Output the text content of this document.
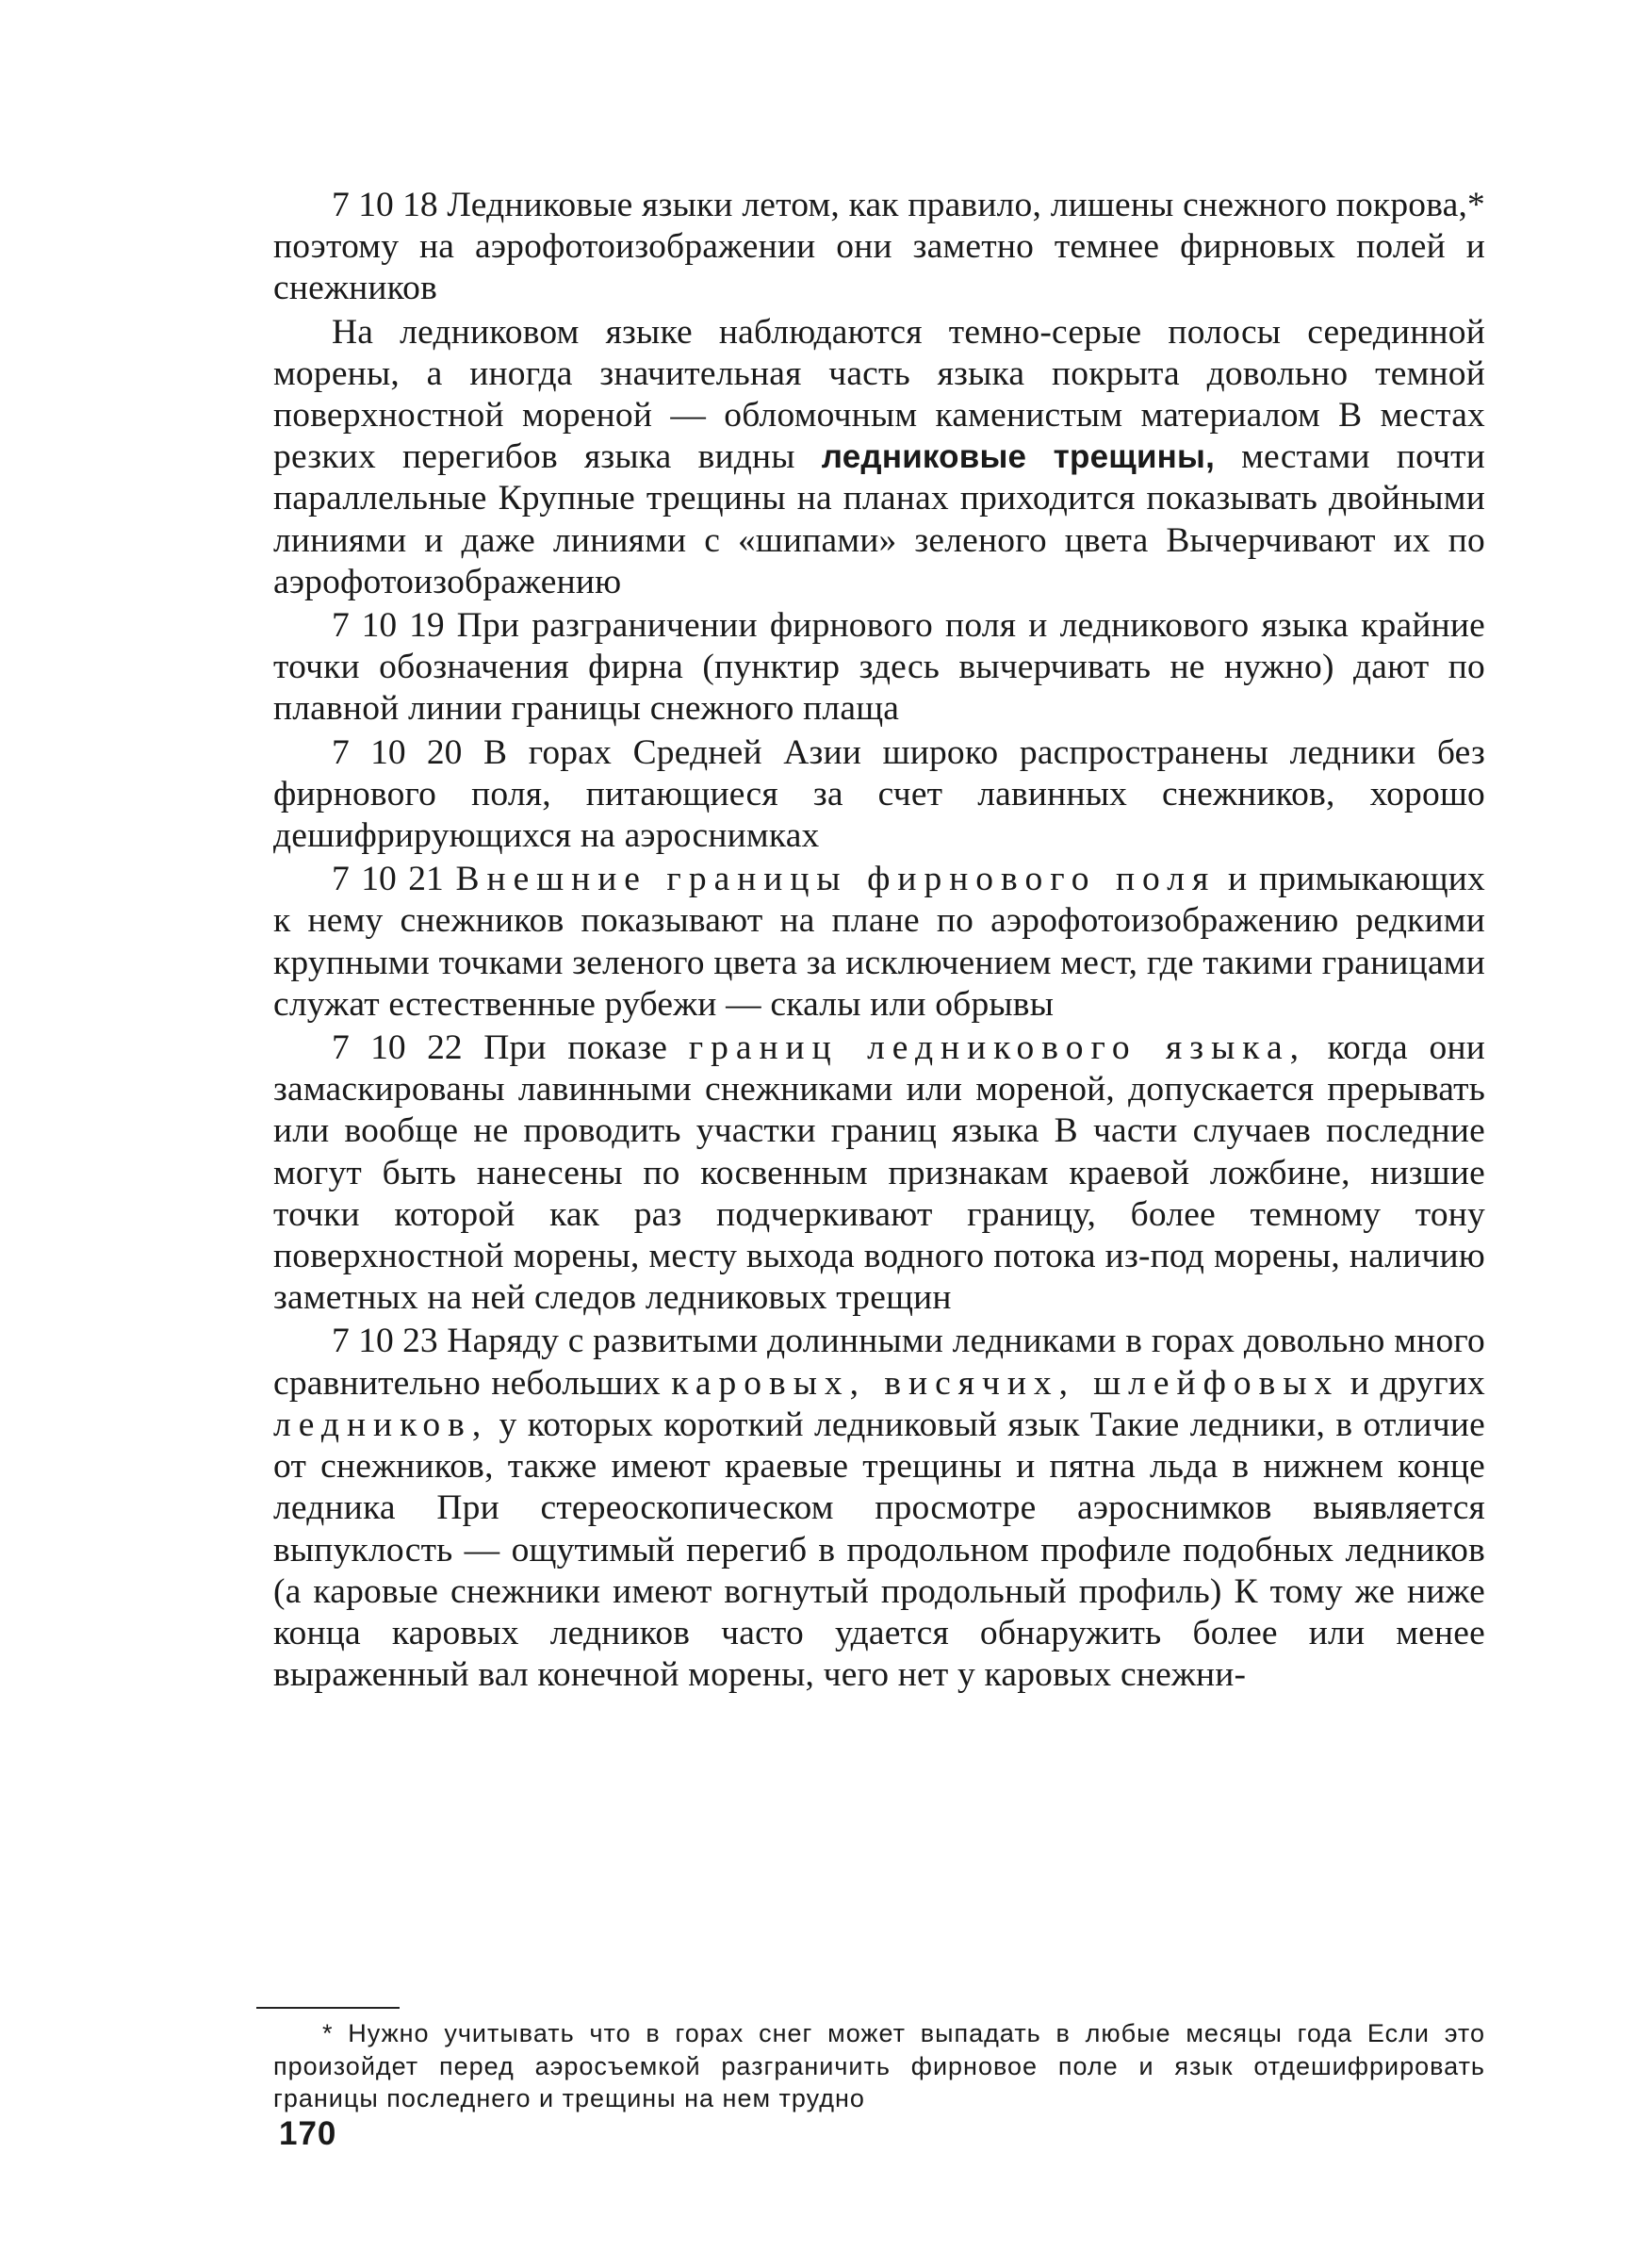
7 10 18 Ледниковые языки летом, как правило, лишены снежного покрова,* поэтому на аэрофотоизображении они заметно темнее фирновых полей и снежников

На ледниковом языке наблюдаются темно-серые полосы серединной морены, а иногда значительная часть языка покрыта довольно темной поверхностной мореной — обломочным каменистым материалом В местах резких перегибов языка видны ледниковые трещины, местами почти параллельные Крупные трещины на планах приходится показывать двойными линиями и даже линиями с «шипами» зеленого цвета Вычерчивают их по аэрофотоизображению

7 10 19 При разграничении фирнового поля и ледникового языка крайние точки обозначения фирна (пунктир здесь вычерчивать не нужно) дают по плавной линии границы снежного плаща

7 10 20 В горах Средней Азии широко распространены ледники без фирнового поля, питающиеся за счет лавинных снежников, хорошо дешифрирующихся на аэроснимках

7 10 21 Внешние границы фирнового поля и примыкающих к нему снежников показывают на плане по аэрофотоизображению редкими крупными точками зеленого цвета за исключением мест, где такими границами служат естественные рубежи — скалы или обрывы

7 10 22 При показе границ ледникового языка, когда они замаскированы лавинными снежниками или мореной, допускается прерывать или вообще не проводить участки границ языка В части случаев последние могут быть нанесены по косвенным признакам краевой ложбине, низшие точки которой как раз подчеркивают границу, более темному тону поверхностной морены, месту выхода водного потока из-под морены, наличию заметных на ней следов ледниковых трещин

7 10 23 Наряду с развитыми долинными ледниками в горах довольно много сравнительно небольших каровых, висячих, шлейфовых и других ледников, у которых короткий ледниковый язык Такие ледники, в отличие от снежников, также имеют краевые трещины и пятна льда в нижнем конце ледника При стереоскопическом просмотре аэроснимков выявляется выпуклость — ощутимый перегиб в продольном профиле подобных ледников (а каровые снежники имеют вогнутый продольный профиль) К тому же ниже конца каровых ледников часто удается обнаружить более или менее выраженный вал конечной морены, чего нет у каровых снежни-

* Нужно учитывать что в горах снег может выпадать в любые месяцы года Если это произойдет перед аэросъемкой разграничить фирновое поле и язык отдешифрировать границы последнего и трещины на нем трудно

170
